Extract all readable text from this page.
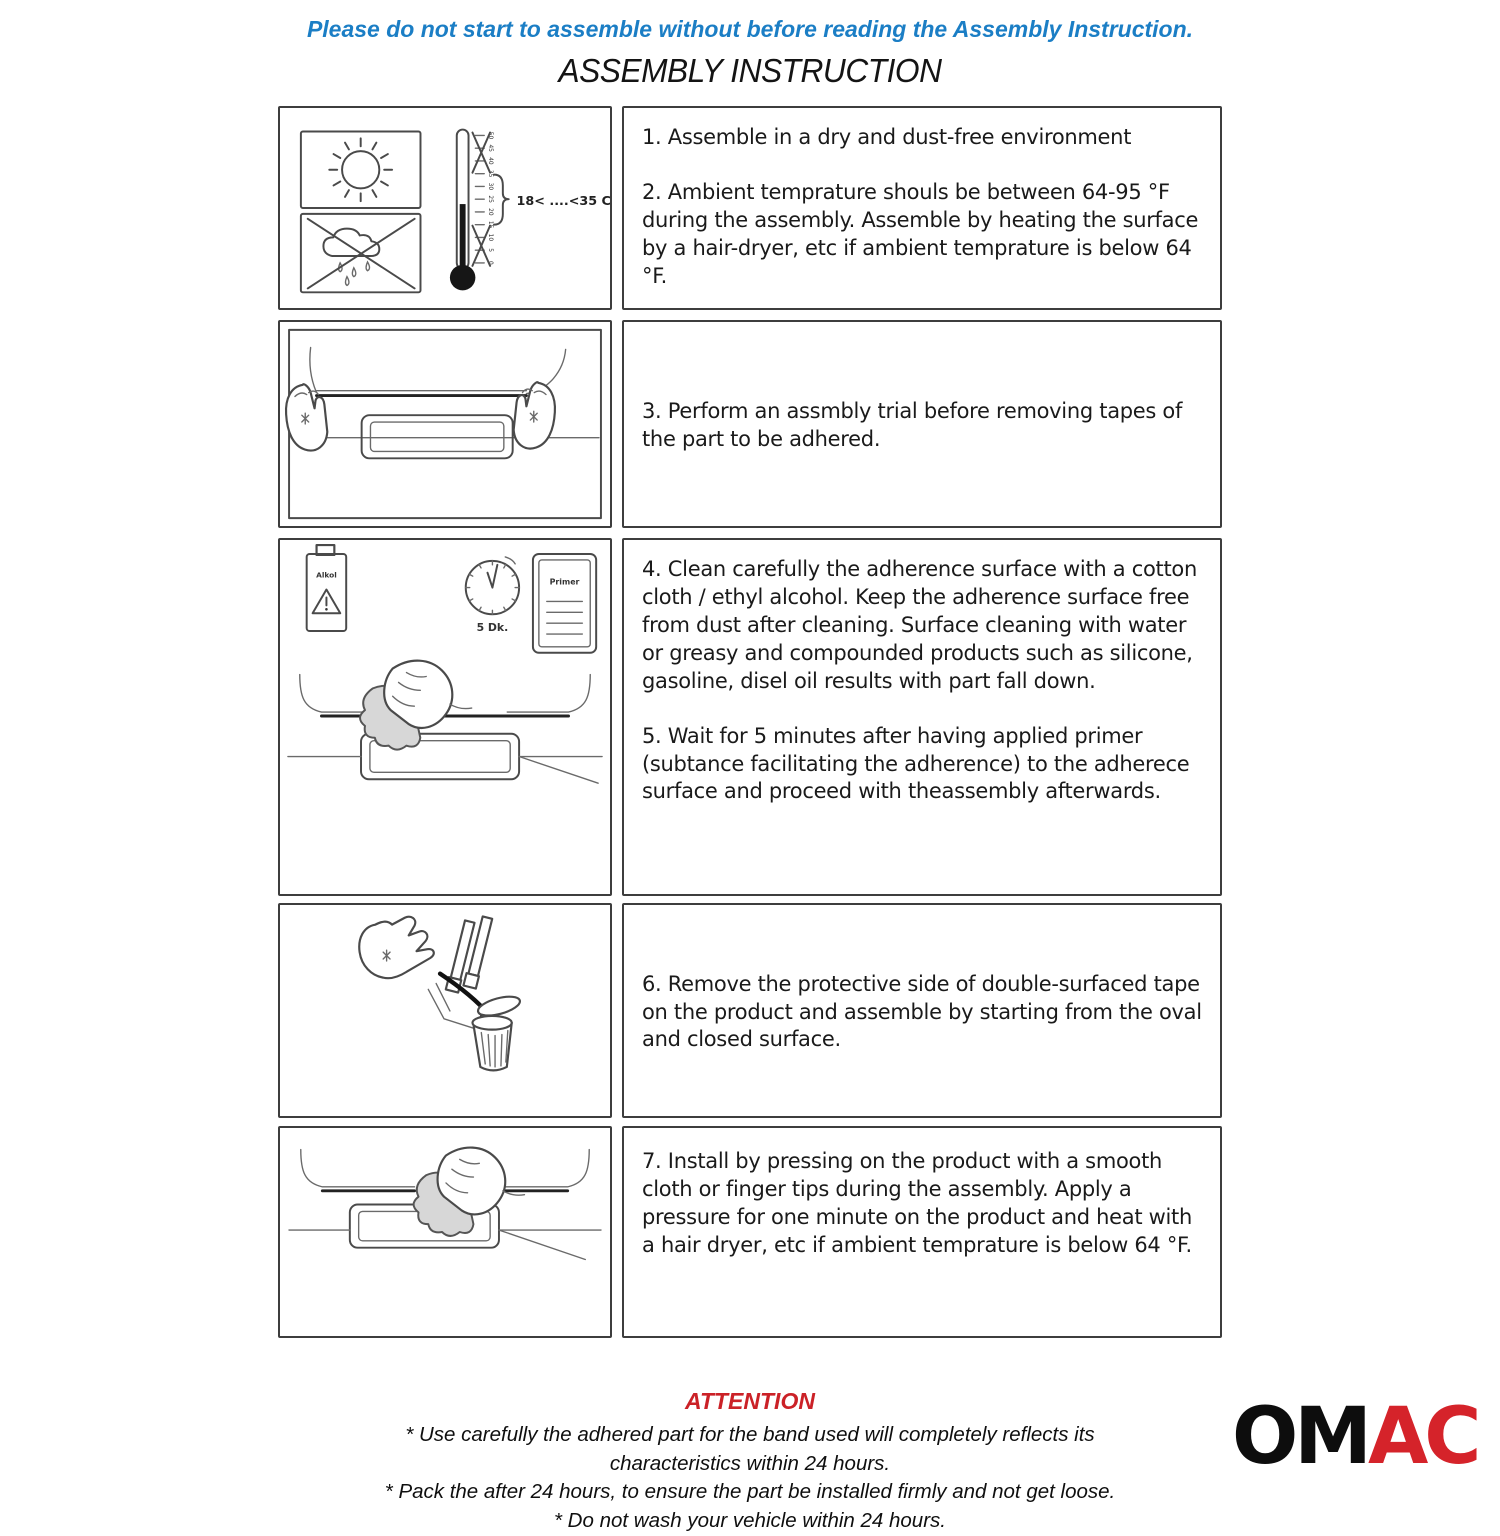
Please do not start to assemble without before reading the Assembly Instruction.
ASSEMBLY INSTRUCTION
50
45
40
35
30
25
20
15
10
5
0
18< ....<35 C

1. Assemble in a dry and dust-free environment

2. Ambient temprature shouls be between 64-95 °F during the assembly. Assemble by heating the surface by a hair-dryer, etc if ambient temprature is below 64 °F.

3. Perform an assmbly trial before removing tapes of the part to be adhered.

Alkol
5 Dk.
Primer

4. Clean carefully the adherence surface with a cotton cloth / ethyl alcohol. Keep the adherence surface free from dust after cleaning. Surface cleaning with water or greasy and compounded products such as silicone, gasoline, disel oil results with part fall down.

5. Wait for 5 minutes after having applied primer (subtance facilitating the adherence) to the adherece surface and proceed with theassembly afterwards.

6. Remove the protective side of double-surfaced tape on the product and assemble by starting from the oval and closed surface.

7. Install by pressing on the product with a smooth cloth or finger tips during the assembly. Apply a pressure for one minute on the product and heat with a hair dryer, etc if ambient temprature is below 64 °F.

ATTENTION

* Use carefully the adhered part for the band used will completely reflects its

characteristics within 24 hours.

* Pack the after 24 hours, to ensure the part be installed firmly and not get loose.

* Do not wash your vehicle within 24 hours.

OMAC
